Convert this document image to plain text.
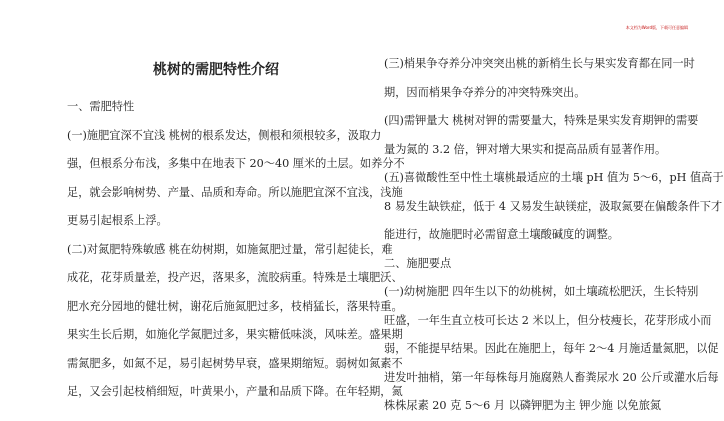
本文档为Word版，下载可任意编辑
桃树的需肥特性介绍
一、需肥特性
(一)施肥宜深不宜浅 桃树的根系发达，侧根和须根较多，汲取力
强，但根系分布浅，多集中在地表下 20～40 厘米的土层。如养分不
足，就会影响树势、产量、品质和寿命。所以施肥宜深不宜浅，浅施
更易引起根系上浮。
(二)对氮肥特殊敏感 桃在幼树期，如施氮肥过量，常引起徒长，难
成花，花芽质量差，投产迟，落果多，流胶病重。特殊是土壤肥沃、
肥水充分园地的健壮树，谢花后施氮肥过多，枝梢猛长，落果特重。
果实生长后期，如施化学氮肥过多，果实糖低味淡，风味差。盛果期
需氮肥多，如氮不足，易引起树势早衰，盛果期缩短。弱树如氮素不
足，又会引起枝梢细短，叶黄果小，产量和品质下降。在年轻期，氮
(三)梢果争夺养分冲突突出桃的新梢生长与果实发育都在同一时
期，因而梢果争夺养分的冲突特殊突出。
(四)需钾量大 桃树对钾的需要量大，特殊是果实发育期钾的需要
量为氮的 3.2 倍，钾对增大果实和提高品质有显著作用。
(五)喜微酸性至中性土壤桃最适应的土壤 pH 值为 5～6，pH 值高于
8 易发生缺铁症，低于 4 又易发生缺镁症，汲取氮要在偏酸条件下才
能进行，故施肥时必需留意土壤酸碱度的调整。
二、施肥要点
(一)幼树施肥 四年生以下的幼桃树，如土壤疏松肥沃，生长特别
旺盛，一年生直立枝可长达 2 米以上，但分枝瘦长，花芽形成小而
弱，不能提早结果。因此在施肥上，每年 2～4 月施适量氮肥，以促
进发叶抽梢，第一年每株每月施腐熟人畜粪尿水 20 公斤或灌水后每
株株尿素 20 克 5～6 月 以磷钾肥为主 钾少施 以免旅氮
